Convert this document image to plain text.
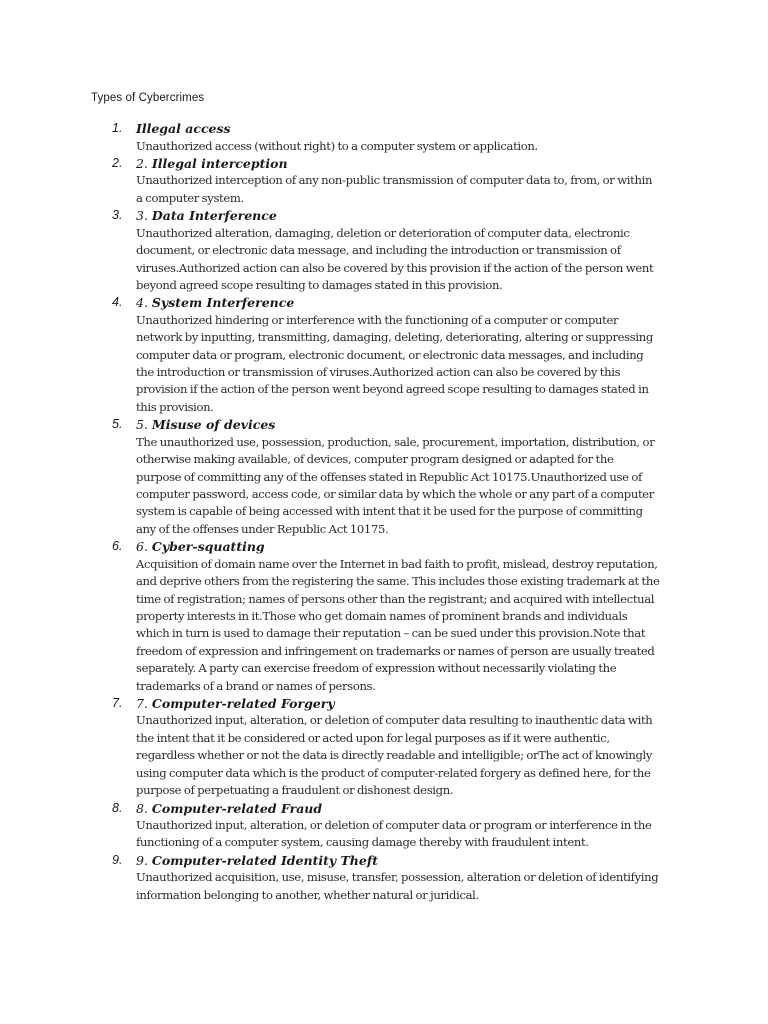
Types of Cybercrimes
1. Illegal access
Unauthorized access (without right) to a computer system or application.
2. 2. Illegal interception
Unauthorized interception of any non-public transmission of computer data to, from, or within a computer system.
3. 3. Data Interference
Unauthorized alteration, damaging, deletion or deterioration of computer data, electronic document, or electronic data message, and including the introduction or transmission of viruses.Authorized action can also be covered by this provision if the action of the person went beyond agreed scope resulting to damages stated in this provision.
4. 4. System Interference
Unauthorized hindering or interference with the functioning of a computer or computer network by inputting, transmitting, damaging, deleting, deteriorating, altering or suppressing computer data or program, electronic document, or electronic data messages, and including the introduction or transmission of viruses.Authorized action can also be covered by this provision if the action of the person went beyond agreed scope resulting to damages stated in this provision.
5. 5. Misuse of devices
The unauthorized use, possession, production, sale, procurement, importation, distribution, or otherwise making available, of devices, computer program designed or adapted for the purpose of committing any of the offenses stated in Republic Act 10175.Unauthorized use of computer password, access code, or similar data by which the whole or any part of a computer system is capable of being accessed with intent that it be used for the purpose of committing any of the offenses under Republic Act 10175.
6. 6. Cyber-squatting
Acquisition of domain name over the Internet in bad faith to profit, mislead, destroy reputation, and deprive others from the registering the same. This includes those existing trademark at the time of registration; names of persons other than the registrant; and acquired with intellectual property interests in it.Those who get domain names of prominent brands and individuals which in turn is used to damage their reputation – can be sued under this provision.Note that freedom of expression and infringement on trademarks or names of person are usually treated separately. A party can exercise freedom of expression without necessarily violating the trademarks of a brand or names of persons.
7. 7. Computer-related Forgery
Unauthorized input, alteration, or deletion of computer data resulting to inauthentic data with the intent that it be considered or acted upon for legal purposes as if it were authentic, regardless whether or not the data is directly readable and intelligible; orThe act of knowingly using computer data which is the product of computer-related forgery as defined here, for the purpose of perpetuating a fraudulent or dishonest design.
8. 8. Computer-related Fraud
Unauthorized input, alteration, or deletion of computer data or program or interference in the functioning of a computer system, causing damage thereby with fraudulent intent.
9. 9. Computer-related Identity Theft
Unauthorized acquisition, use, misuse, transfer, possession, alteration or deletion of identifying information belonging to another, whether natural or juridical.
